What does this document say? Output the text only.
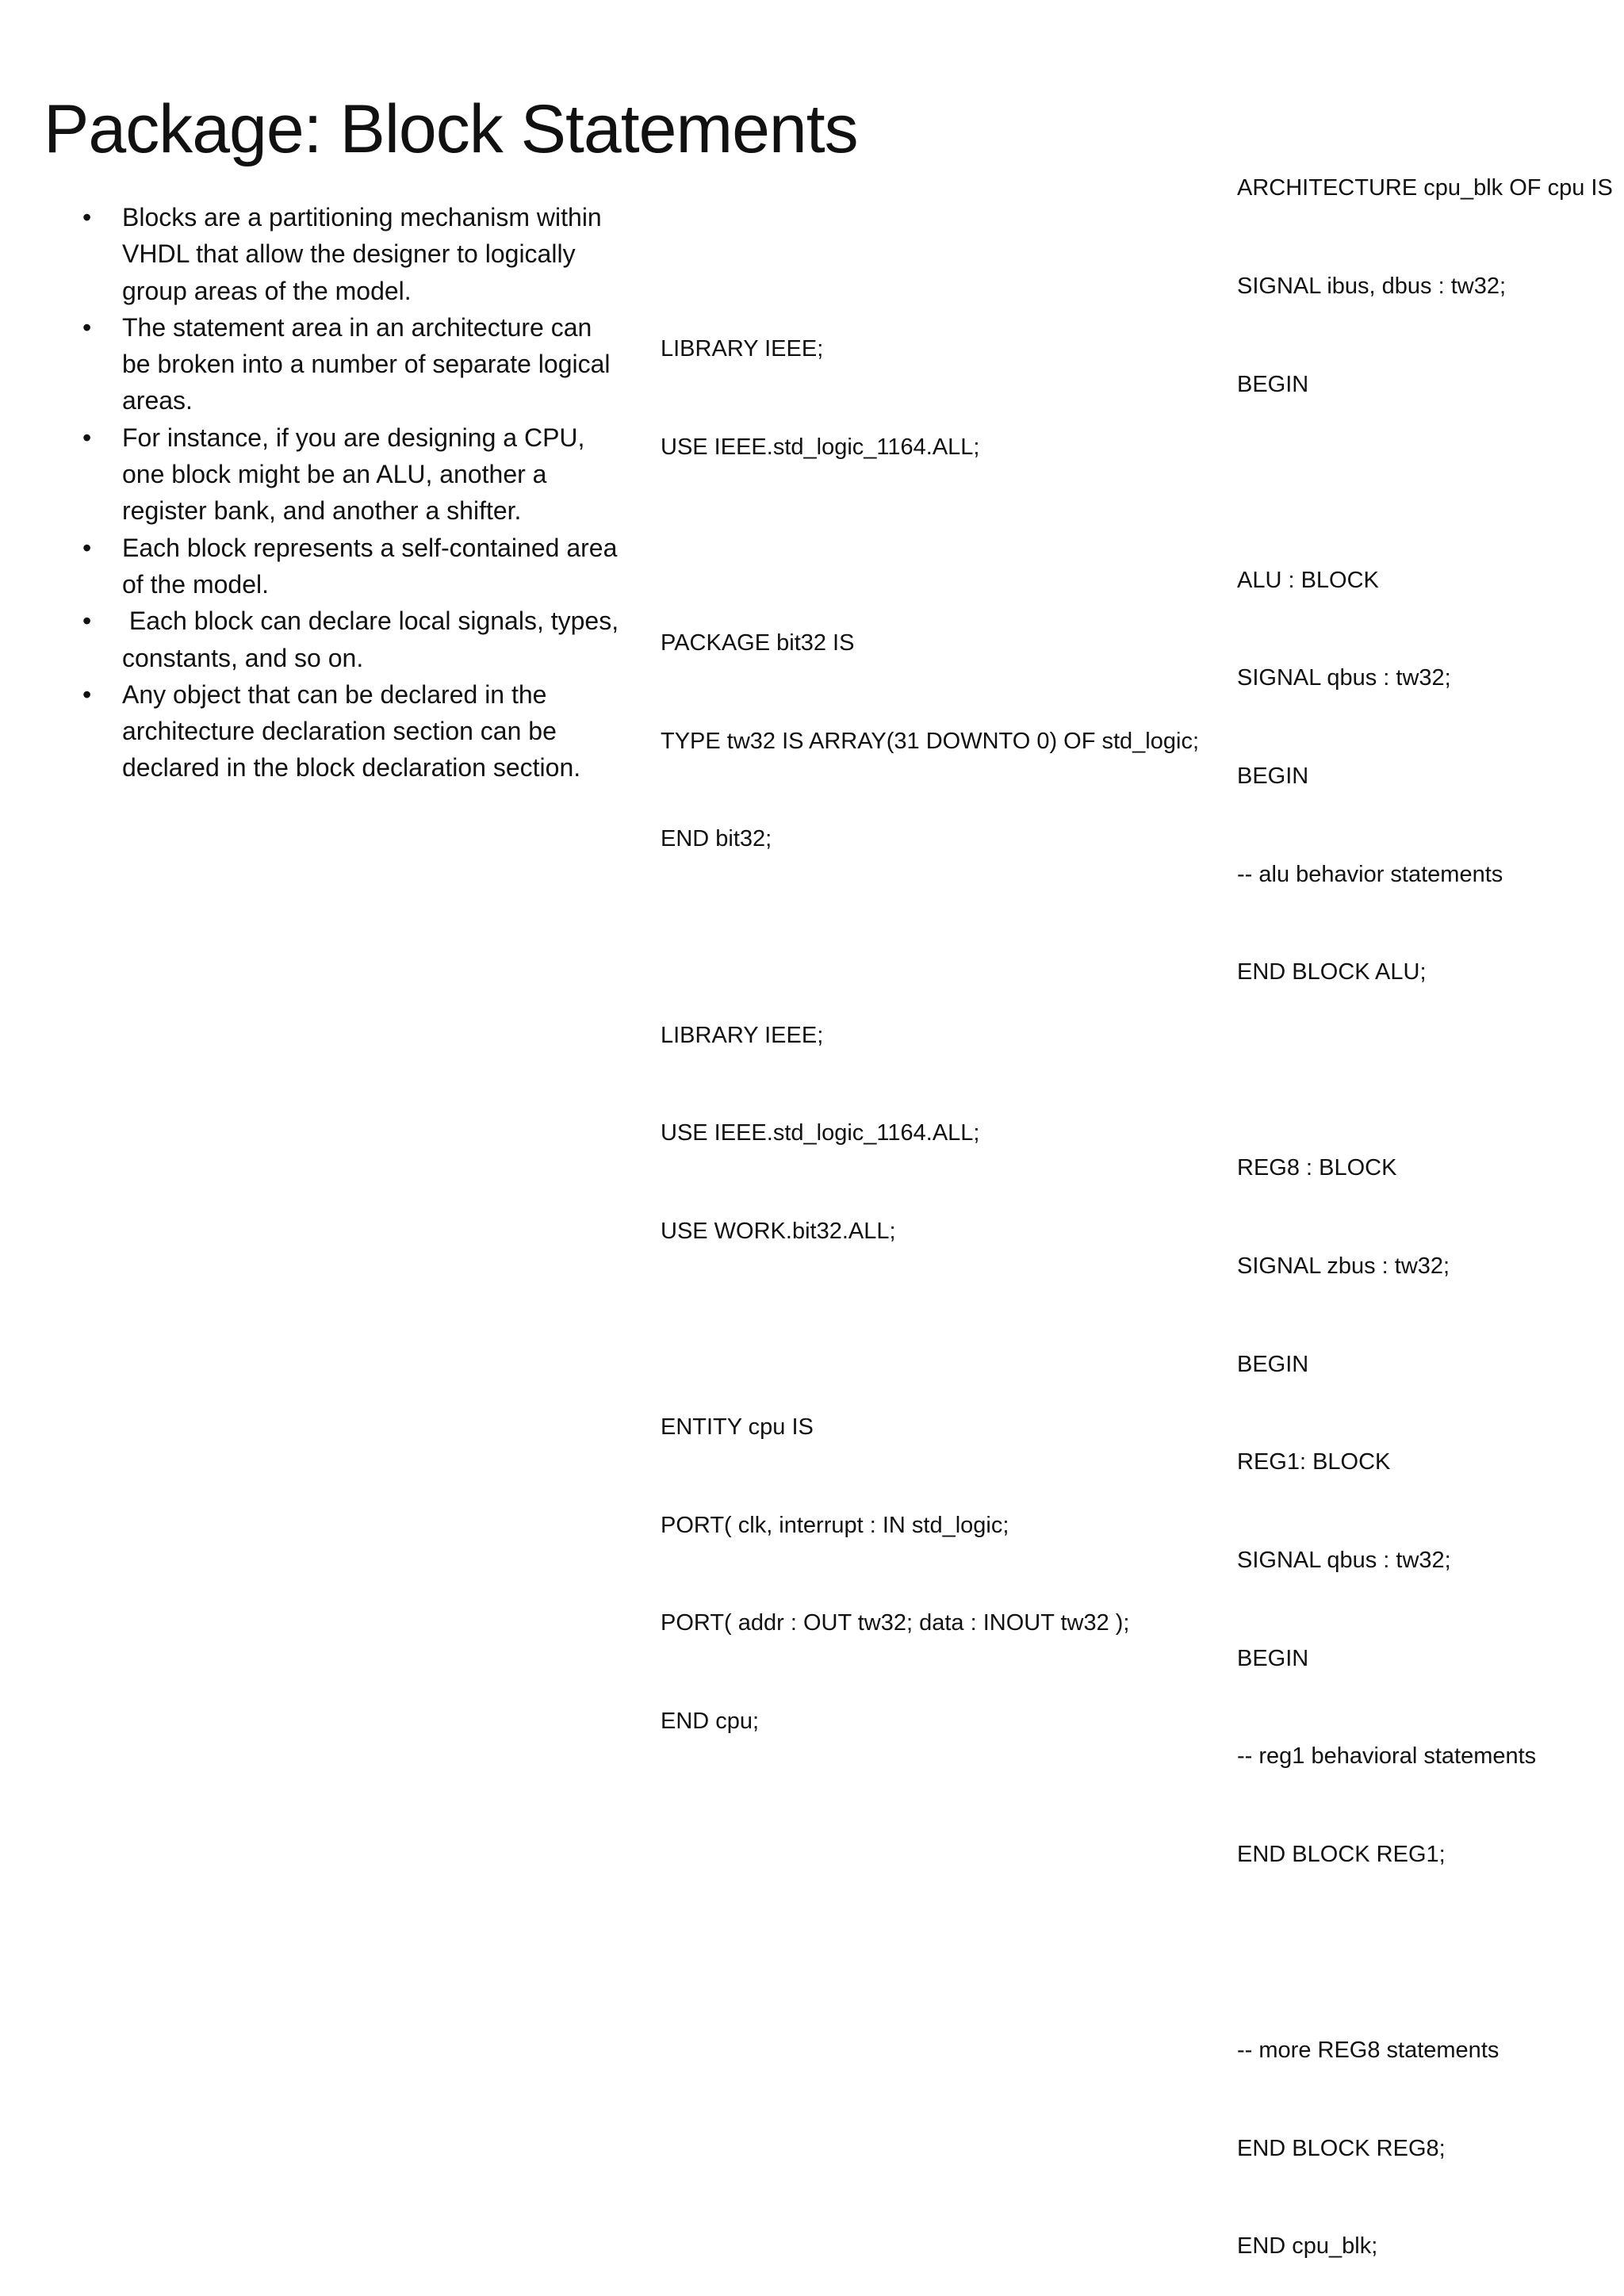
Package: Block Statements
• Blocks are a partitioning mechanism within VHDL that allow the designer to logically group areas of the model.
• The statement area in an architecture can be broken into a number of separate logical areas.
• For instance, if you are designing a CPU, one block might be an ALU, another a register bank, and another a shifter.
• Each block represents a self-contained area of the model.
• Each block can declare local signals, types, constants, and so on.
• Any object that can be declared in the architecture declaration section can be declared in the block declaration section.

LIBRARY IEEE;

USE IEEE.std_logic_1164.ALL;

PACKAGE bit32 IS

TYPE tw32 IS ARRAY(31 DOWNTO 0) OF std_logic;

END bit32;

LIBRARY IEEE;

USE IEEE.std_logic_1164.ALL;

USE WORK.bit32.ALL;

ENTITY cpu IS

PORT( clk, interrupt : IN std_logic;

PORT( addr : OUT tw32; data : INOUT tw32 );

END cpu;

ARCHITECTURE cpu_blk OF cpu IS

SIGNAL ibus, dbus : tw32;

BEGIN

ALU : BLOCK

SIGNAL qbus : tw32;

BEGIN

-- alu behavior statements

END BLOCK ALU;

REG8 : BLOCK

SIGNAL zbus : tw32;

BEGIN

REG1: BLOCK

SIGNAL qbus : tw32;

BEGIN

-- reg1 behavioral statements

END BLOCK REG1;

-- more REG8 statements

END BLOCK REG8;

END cpu_blk;
